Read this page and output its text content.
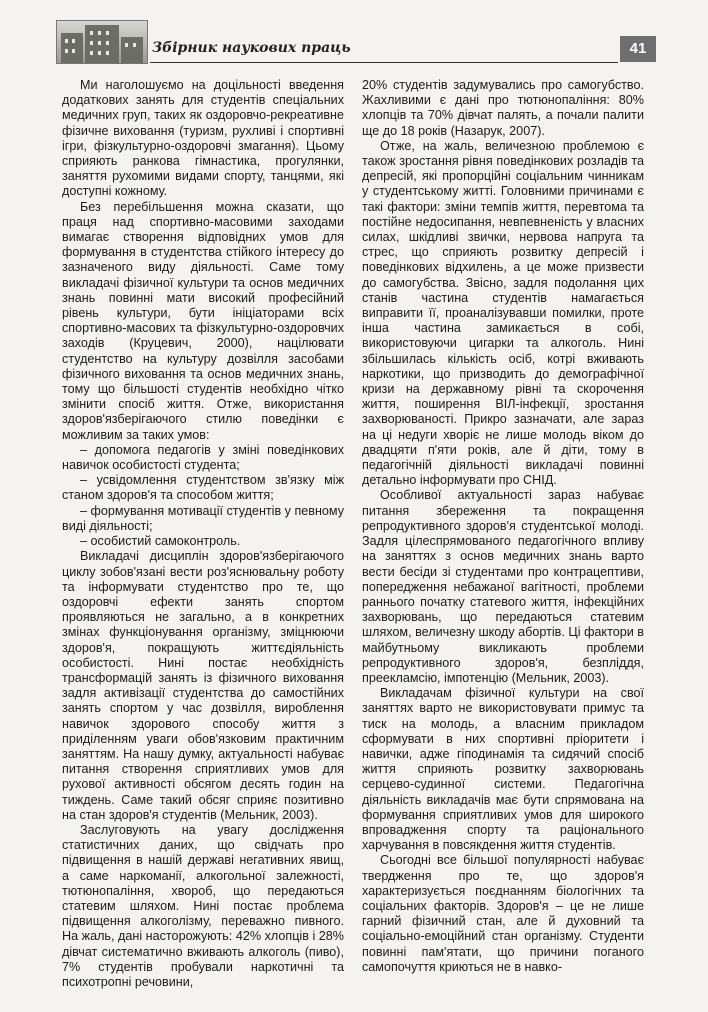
Збірник наукових праць	41

Ми наголошуємо на доцільності введення додаткових занять для студентів спеціальних медичних груп, таких як оздоровчо-рекреативне фізичне виховання (туризм, рухливі і спортивні ігри, фізкультурно-оздоровчі змагання). Цьому сприяють ранкова гімнастика, прогулянки, заняття рухомими видами спорту, танцями, які доступні кожному.

Без перебільшення можна сказати, що праця над спортивно-масовими заходами вимагає створення відповідних умов для формування в студентства стійкого інтересу до зазначеного виду діяльності. Саме тому викладачі фізичної культури та основ медичних знань повинні мати високий професійний рівень культури, бути ініціаторами всіх спортивно-масових та фізкультурно-оздоровчих заходів (Круцевич, 2000), націлювати студентство на культуру дозвілля засобами фізичного виховання та основ медичних знань, тому що більшості студентів необхідно чітко змінити спосіб життя. Отже, використання здоров'язберігаючого стилю поведінки є можливим за таких умов:

– допомога педагогів у зміні поведінкових навичок особистості студента;

– усвідомлення студентством зв'язку між станом здоров'я та способом життя;

– формування мотивації студентів у певному виді діяльності;

– особистий самоконтроль.

Викладачі дисциплін здоров'язберігаючого циклу зобов'язані вести роз'яснювальну роботу та інформувати студентство про те, що оздоровчі ефекти занять спортом проявляються не загально, а в конкретних змінах функціонування організму, зміцнюючи здоров'я, покращують життєдіяльність особистості. Нині постає необхідність трансформацій занять із фізичного виховання задля активізації студентства до самостійних занять спортом у час дозвілля, вироблення навичок здорового способу життя з приділенням уваги обов'язковим практичним заняттям. На нашу думку, актуальності набуває питання створення сприятливих умов для рухової активності обсягом десять годин на тиждень. Саме такий обсяг сприяє позитивно на стан здоров'я студентів (Мельник, 2003).

Заслуговують на увагу дослідження статистичних даних, що свідчать про підвищення в нашій державі негативних явищ, а саме наркоманії, алкогольної залежності, тютюнопаління, хвороб, що передаються статевим шляхом. Нині постає проблема підвищення алкоголізму, переважно пивного. На жаль, дані насторожують: 42% хлопців і 28% дівчат систематично вживають алкоголь (пиво), 7% студентів пробували наркотичні та психотропні речовини,

20% студентів задумувались про самогубство. Жахливими є дані про тютюнопаління: 80% хлопців та 70% дівчат палять, а почали палити ще до 18 років (Назарук, 2007).

Отже, на жаль, величезною проблемою є також зростання рівня поведінкових розладів та депресій, які пропорційні соціальним чинникам у студентському житті. Головними причинами є такі фактори: зміни темпів життя, перевтома та постійне недосипання, невпевненість у власних силах, шкідливі звички, нервова напруга та стрес, що сприяють розвитку депресій і поведінкових відхилень, а це може призвести до самогубства. Звісно, задля подолання цих станів частина студентів намагається виправити її, проаналізувавши помилки, проте інша частина замикається в собі, використовуючи цигарки та алкоголь. Нині збільшилась кількість осіб, котрі вживають наркотики, що призводить до демографічної кризи на державному рівні та скорочення життя, поширення ВІЛ-інфекції, зростання захворюваності. Прикро зазначати, але зараз на ці недуги хворіє не лише молодь віком до двадцяти п'яти років, але й діти, тому в педагогічній діяльності викладачі повинні детально інформувати про СНІД.

Особливої актуальності зараз набуває питання збереження та покращення репродуктивного здоров'я студентської молоді. Задля цілеспрямованого педагогічного впливу на заняттях з основ медичних знань варто вести бесіди зі студентами про контрацептиви, попередження небажаної вагітності, проблеми раннього початку статевого життя, інфекційних захворювань, що передаються статевим шляхом, величезну шкоду абортів. Ці фактори в майбутньому викликають проблеми репродуктивного здоров'я, безпліддя, преекламсію, імпотенцію (Мельник, 2003).

Викладачам фізичної культури на свої заняттях варто не використовувати примус та тиск на молодь, а власним прикладом сформувати в них спортивні пріоритети і навички, адже гіподинамія та сидячий спосіб життя сприяють розвитку захворювань серцево-судинної системи. Педагогічна діяльність викладачів має бути спрямована на формування сприятливих умов для широкого впровадження спорту та раціонального харчування в повсякдення життя студентів.

Сьогодні все більшої популярності набуває твердження про те, що здоров'я характеризується поєднанням біологічних та соціальних факторів. Здоров'я – це не лише гарний фізичний стан, але й духовний та соціально-емоційний стан організму. Студенти повинні пам'ятати, що причини поганого самопочуття криються не в навко-
